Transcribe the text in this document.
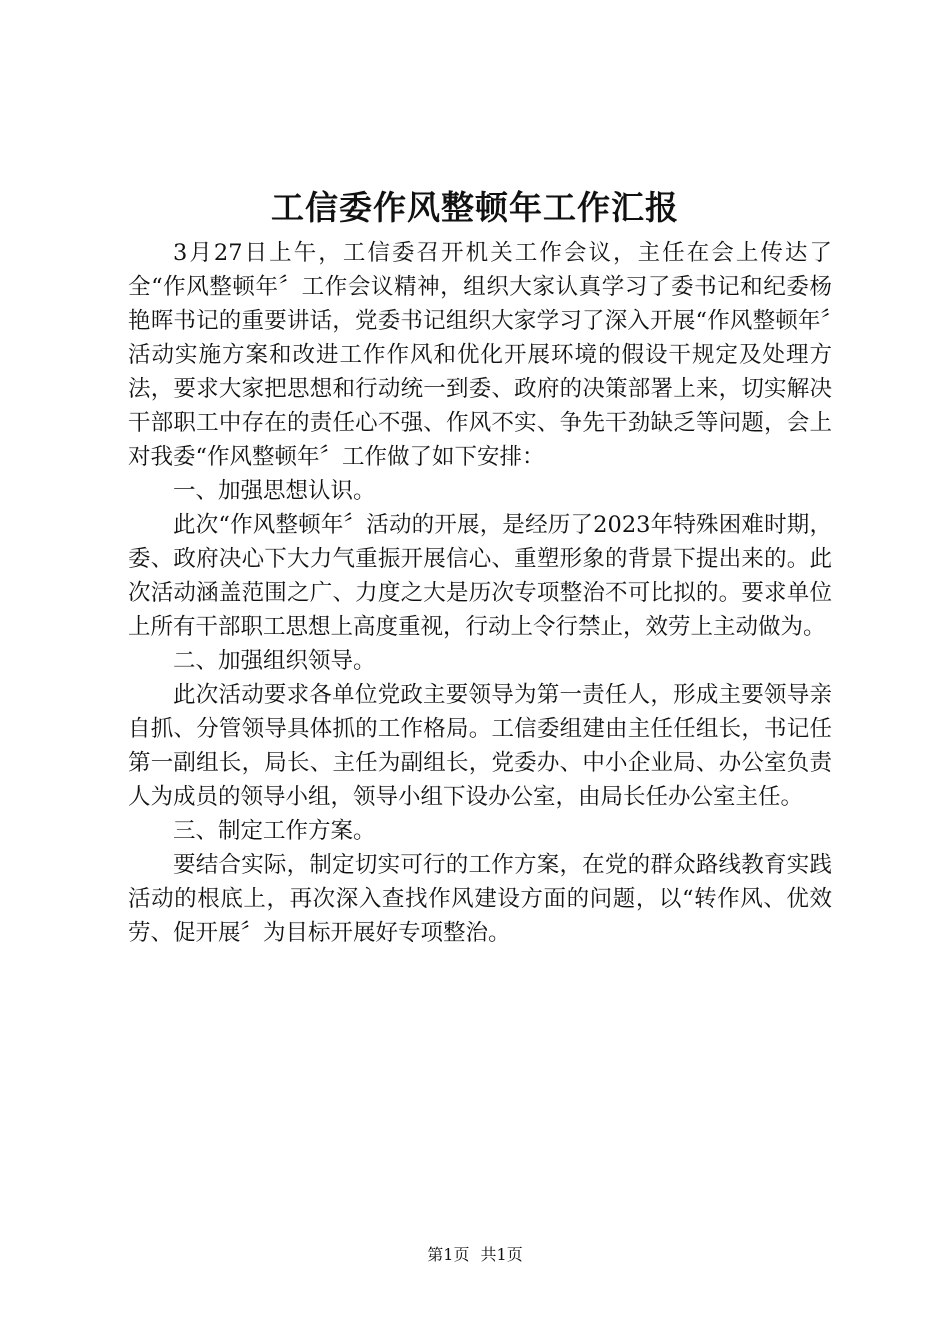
工信委作风整顿年工作汇报

3月27日上午，工信委召开机关工作会议，主任在会上传达了全“作风整顿年〞工作会议精神，组织大家认真学习了委书记和纪委杨艳晖书记的重要讲话，党委书记组织大家学习了深入开展“作风整顿年〞活动实施方案和改进工作作风和优化开展环境的假设干规定及处理方法，要求大家把思想和行动统一到委、政府的决策部署上来，切实解决干部职工中存在的责任心不强、作风不实、争先干劲缺乏等问题，会上对我委“作风整顿年〞工作做了如下安排：

一、加强思想认识。

此次“作风整顿年〞活动的开展，是经历了2023年特殊困难时期，委、政府决心下大力气重振开展信心、重塑形象的背景下提出来的。此次活动涵盖范围之广、力度之大是历次专项整治不可比拟的。要求单位上所有干部职工思想上高度重视，行动上令行禁止，效劳上主动做为。

二、加强组织领导。

此次活动要求各单位党政主要领导为第一责任人，形成主要领导亲自抓、分管领导具体抓的工作格局。工信委组建由主任任组长，书记任第一副组长，局长、主任为副组长，党委办、中小企业局、办公室负责人为成员的领导小组，领导小组下设办公室，由局长任办公室主任。

三、制定工作方案。

要结合实际，制定切实可行的工作方案，在党的群众路线教育实践活动的根底上，再次深入查找作风建设方面的问题，以“转作风、优效劳、促开展〞为目标开展好专项整治。

第1页 共1页
